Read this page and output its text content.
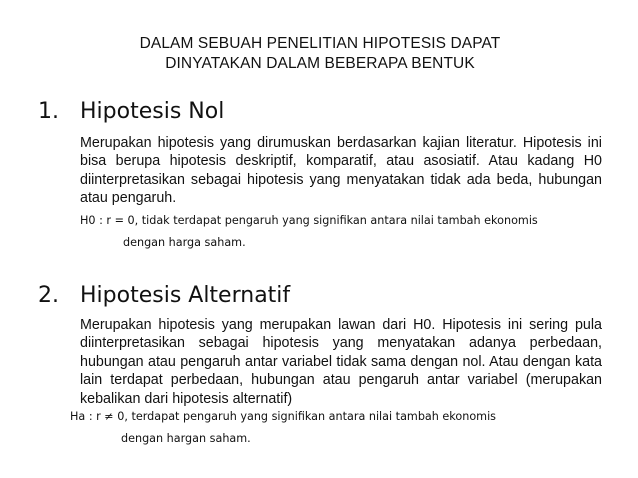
DALAM SEBUAH PENELITIAN HIPOTESIS DAPAT
DINYATAKAN DALAM BEBERAPA BENTUK
1. Hipotesis Nol
Merupakan hipotesis yang dirumuskan berdasarkan kajian literatur. Hipotesis ini bisa berupa hipotesis deskriptif, komparatif, atau asosiatif. Atau kadang H0 diinterpretasikan sebagai hipotesis yang menyatakan tidak ada beda, hubungan atau pengaruh.
H0 : r = 0, tidak terdapat pengaruh yang signifikan antara nilai tambah ekonomis
dengan harga saham.
2. Hipotesis Alternatif
Merupakan hipotesis yang merupakan lawan dari H0. Hipotesis ini sering pula diinterpretasikan sebagai hipotesis yang menyatakan adanya perbedaan, hubungan atau pengaruh antar variabel tidak sama dengan nol. Atau dengan kata lain terdapat perbedaan, hubungan atau pengaruh antar variabel (merupakan kebalikan dari hipotesis alternatif)
Ha : r ≠ 0, terdapat pengaruh yang signifikan antara nilai tambah ekonomis
dengan hargan saham.
